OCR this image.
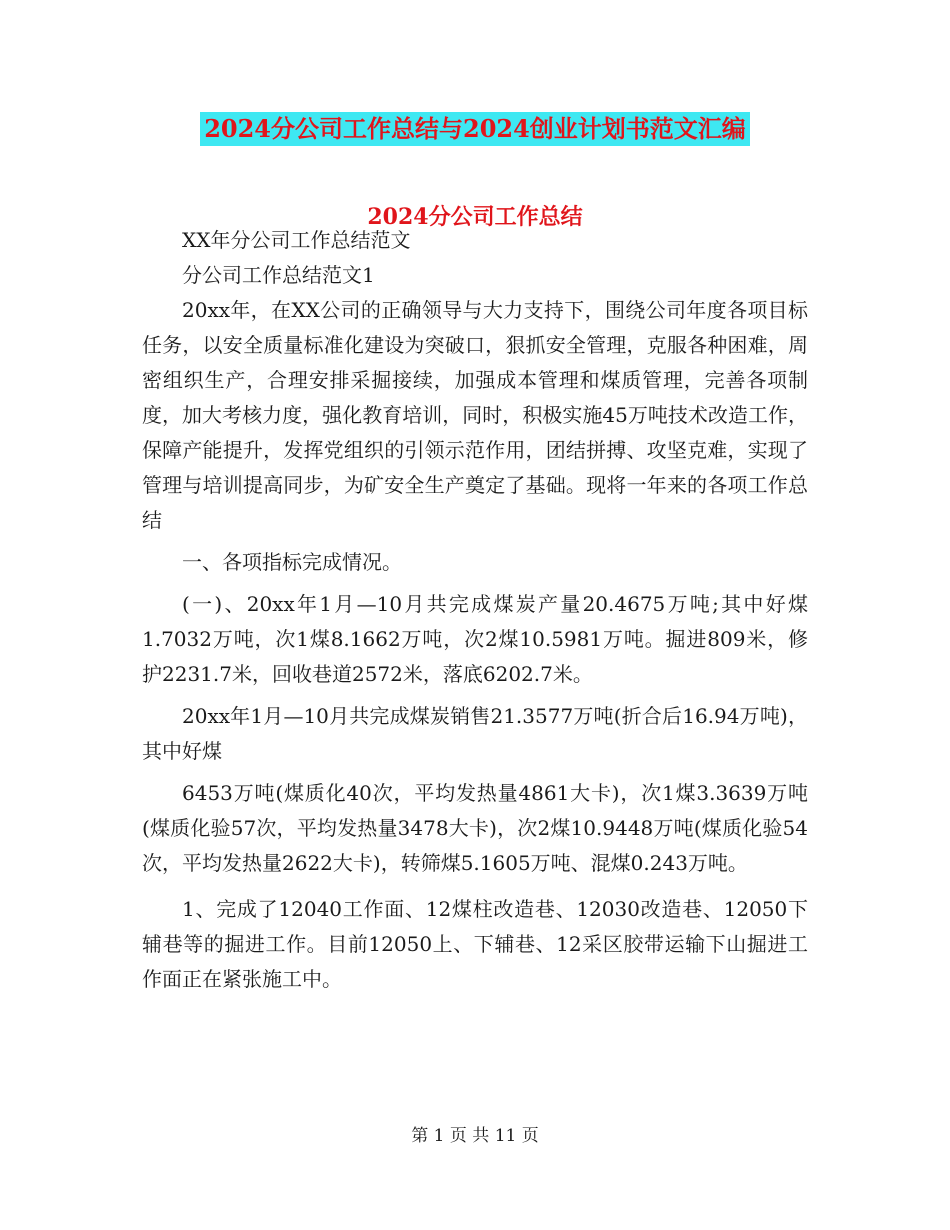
2024分公司工作总结与2024创业计划书范文汇编
2024分公司工作总结

XX年分公司工作总结范文

分公司工作总结范文1

20xx年，在XX公司的正确领导与大力支持下，围绕公司年度各项目标任务，以安全质量标准化建设为突破口，狠抓安全管理，克服各种困难，周密组织生产，合理安排采掘接续，加强成本管理和煤质管理，完善各项制度，加大考核力度，强化教育培训，同时，积极实施45万吨技术改造工作，保障产能提升，发挥党组织的引领示范作用，团结拼搏、攻坚克难，实现了管理与培训提高同步，为矿安全生产奠定了基础。现将一年来的各项工作总结

一、各项指标完成情况。

(一)、20xx年1月—10月共完成煤炭产量20.4675万吨;其中好煤1.7032万吨，次1煤8.1662万吨，次2煤10.5981万吨。掘进809米，修护2231.7米，回收巷道2572米，落底6202.7米。

20xx年1月—10月共完成煤炭销售21.3577万吨(折合后16.94万吨)，其中好煤

6453万吨(煤质化40次，平均发热量4861大卡)，次1煤3.3639万吨(煤质化验57次，平均发热量3478大卡)，次2煤10.9448万吨(煤质化验54次，平均发热量2622大卡)，转筛煤5.1605万吨、混煤0.243万吨。

1、完成了12040工作面、12煤柱改造巷、12030改造巷、12050下辅巷等的掘进工作。目前12050上、下辅巷、12采区胶带运输下山掘进工作面正在紧张施工中。

第 1 页 共 11 页
